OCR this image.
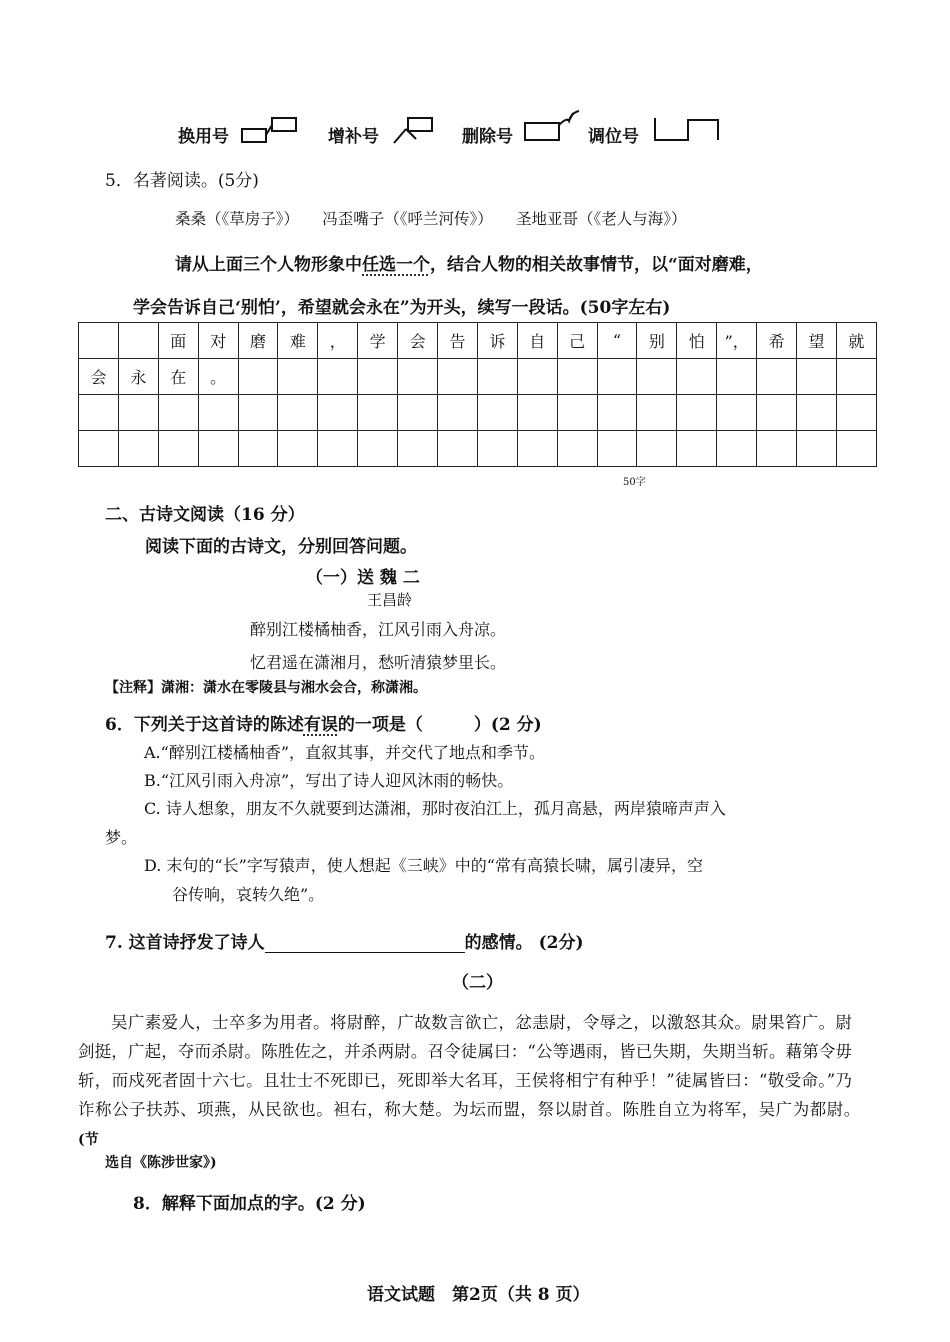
换用号	增补号	删除号	调位号
5．名著阅读。(5分)
桑桑（《草房子》）　　冯歪嘴子（《呼兰河传》）　　圣地亚哥（《老人与海》）
请从上面三个人物形象中任选一个，结合人物的相关故事情节，以“面对磨难，
学会告诉自己‘别怕’，希望就会永在”为开头，续写一段话。(50字左右)
		面	对	磨	难	，	学	会	告	诉	自	己	“	别	怕	”，	希	望	就
会	永	在	。																

50字
二、古诗文阅读（16 分）
阅读下面的古诗文，分别回答问题。
（一）送 魏 二
王昌龄
醉别江楼橘柚香，江风引雨入舟凉。
忆君遥在潇湘月，愁听清猿梦里长。
【注释】潇湘：潇水在零陵县与湘水会合，称潇湘。
6．下列关于这首诗的陈述有误的一项是（　　　）(2 分)
A.“醉别江楼橘柚香”，直叙其事，并交代了地点和季节。
B.“江风引雨入舟凉”，写出了诗人迎风沐雨的畅快。
C. 诗人想象，朋友不久就要到达潇湘，那时夜泊江上，孤月高悬，两岸猿啼声声入
梦。
D. 末句的“长”字写猿声，使人想起《三峡》中的“常有高猿长啸，属引凄异，空
谷传响，哀转久绝”。
7. 这首诗抒发了诗人	的感情。 (2分)
（二）
吴广素爱人，士卒多为用者。将尉醉，广故数言欲亡，忿恚尉，令辱之，以激怒其众。尉果笞广。尉剑挺，广起，夺而杀尉。陈胜佐之，并杀两尉。召令徒属曰：“公等遇雨，皆已失期，失期当斩。藉第令毋斩，而戍死者固十六七。且壮士不死即已，死即举大名耳，王侯将相宁有种乎！”徒属皆曰：“敬受命。”乃诈称公子扶苏、项燕，从民欲也。袒右，称大楚。为坛而盟，祭以尉首。陈胜自立为将军，吴广为都尉。　　　(节
选自《陈涉世家》)
8．解释下面加点的字。(2 分)
语文试题　第2页（共 8 页）
